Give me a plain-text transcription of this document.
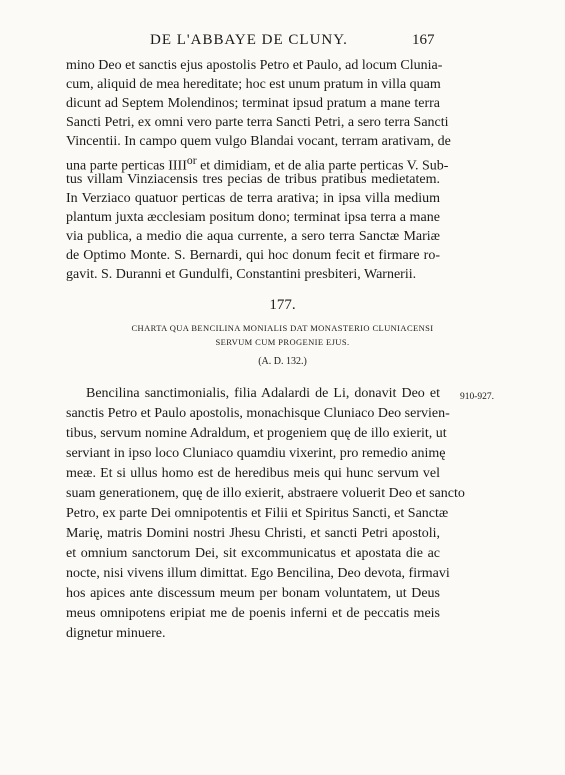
DE L'ABBAYE DE CLUNY.	167
mino Deo et sanctis ejus apostolis Petro et Paulo, ad locum Clunia-
cum, aliquid de mea hereditate; hoc est unum pratum in villa quam
dicunt ad Septem Molendinos; terminat ipsud pratum a mane terra
Sancti Petri, ex omni vero parte terra Sancti Petri, a sero terra Sancti
Vincentii. In campo quem vulgo Blandai vocant, terram arativam, de
una parte perticas $IIII^{or}$ et dimidiam, et de alia parte perticas V. Sub-
tus villam Vinziacensis tres pecias de tribus pratibus medietatem.
In Verziaco quatuor perticas de terra arativa; in ipsa villa medium
plantum juxta æcclesiam positum dono; terminat ipsa terra a mane
via publica, a medio die aqua currente, a sero terra Sanctæ Mariæ
de Optimo Monte. S. Bernardi, qui hoc donum fecit et firmare ro-
gavit. S. Duranni et Gundulfi, Constantini presbiteri, Warnerii.
177.
CHARTA QUA BENCILINA MONIALIS DAT MONASTERIO CLUNIACENSI
SERVUM CUM PROGENIE EJUS.
(A. D. 132.)
910-927.
Bencilina sanctimonialis, filia Adalardi de Li, donavit Deo et
sanctis Petro et Paulo apostolis, monachisque Cluniaco Deo servien-
tibus, servum nomine Adraldum, et progeniem quę de illo exierit, ut
serviant in ipso loco Cluniaco quamdiu vixerint, pro remedio animę
meæ. Et si ullus homo est de heredibus meis qui hunc servum vel
suam generationem, quę de illo exierit, abstraere voluerit Deo et sancto
Petro, ex parte Dei omnipotentis et Filii et Spiritus Sancti, et Sanctæ
Marię, matris Domini nostri Jhesu Christi, et sancti Petri apostoli,
et omnium sanctorum Dei, sit excommunicatus et apostata die ac
nocte, nisi vivens illum dimittat. Ego Bencilina, Deo devota, firmavi
hos apices ante discessum meum per bonam voluntatem, ut Deus
meus omnipotens eripiat me de poenis inferni et de peccatis meis
dignetur minuere.
